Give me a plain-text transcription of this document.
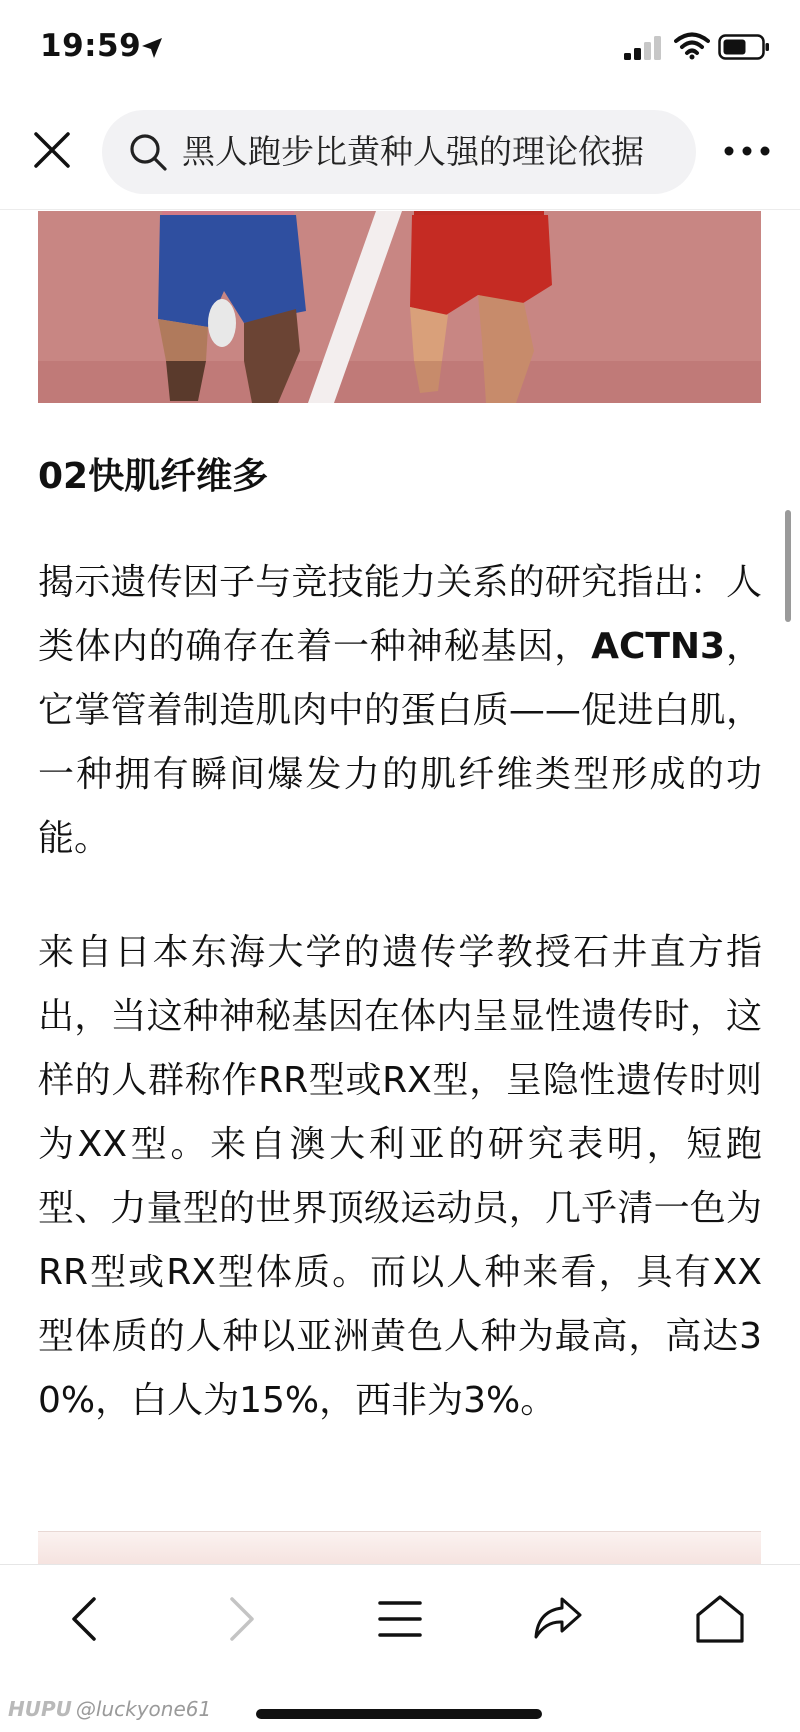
19:59
黑人跑步比黄种人强的理论依据
02快肌纤维多

揭示遗传因子与竞技能力关系的研究指出：人类体内的确存在着一种神秘基因，ACTN3，它掌管着制造肌肉中的蛋白质——促进白肌，一种拥有瞬间爆发力的肌纤维类型形成的功能。

来自日本东海大学的遗传学教授石井直方指出，当这种神秘基因在体内呈显性遗传时，这样的人群称作RR型或RX型，呈隐性遗传时则为XX型。来自澳大利亚的研究表明，短跑型、力量型的世界顶级运动员，几乎清一色为RR型或RX型体质。而以人种来看，具有XX型体质的人种以亚洲黄色人种为最高，高达30%，白人为15%，西非为3%。

HUPU @luckyone61
